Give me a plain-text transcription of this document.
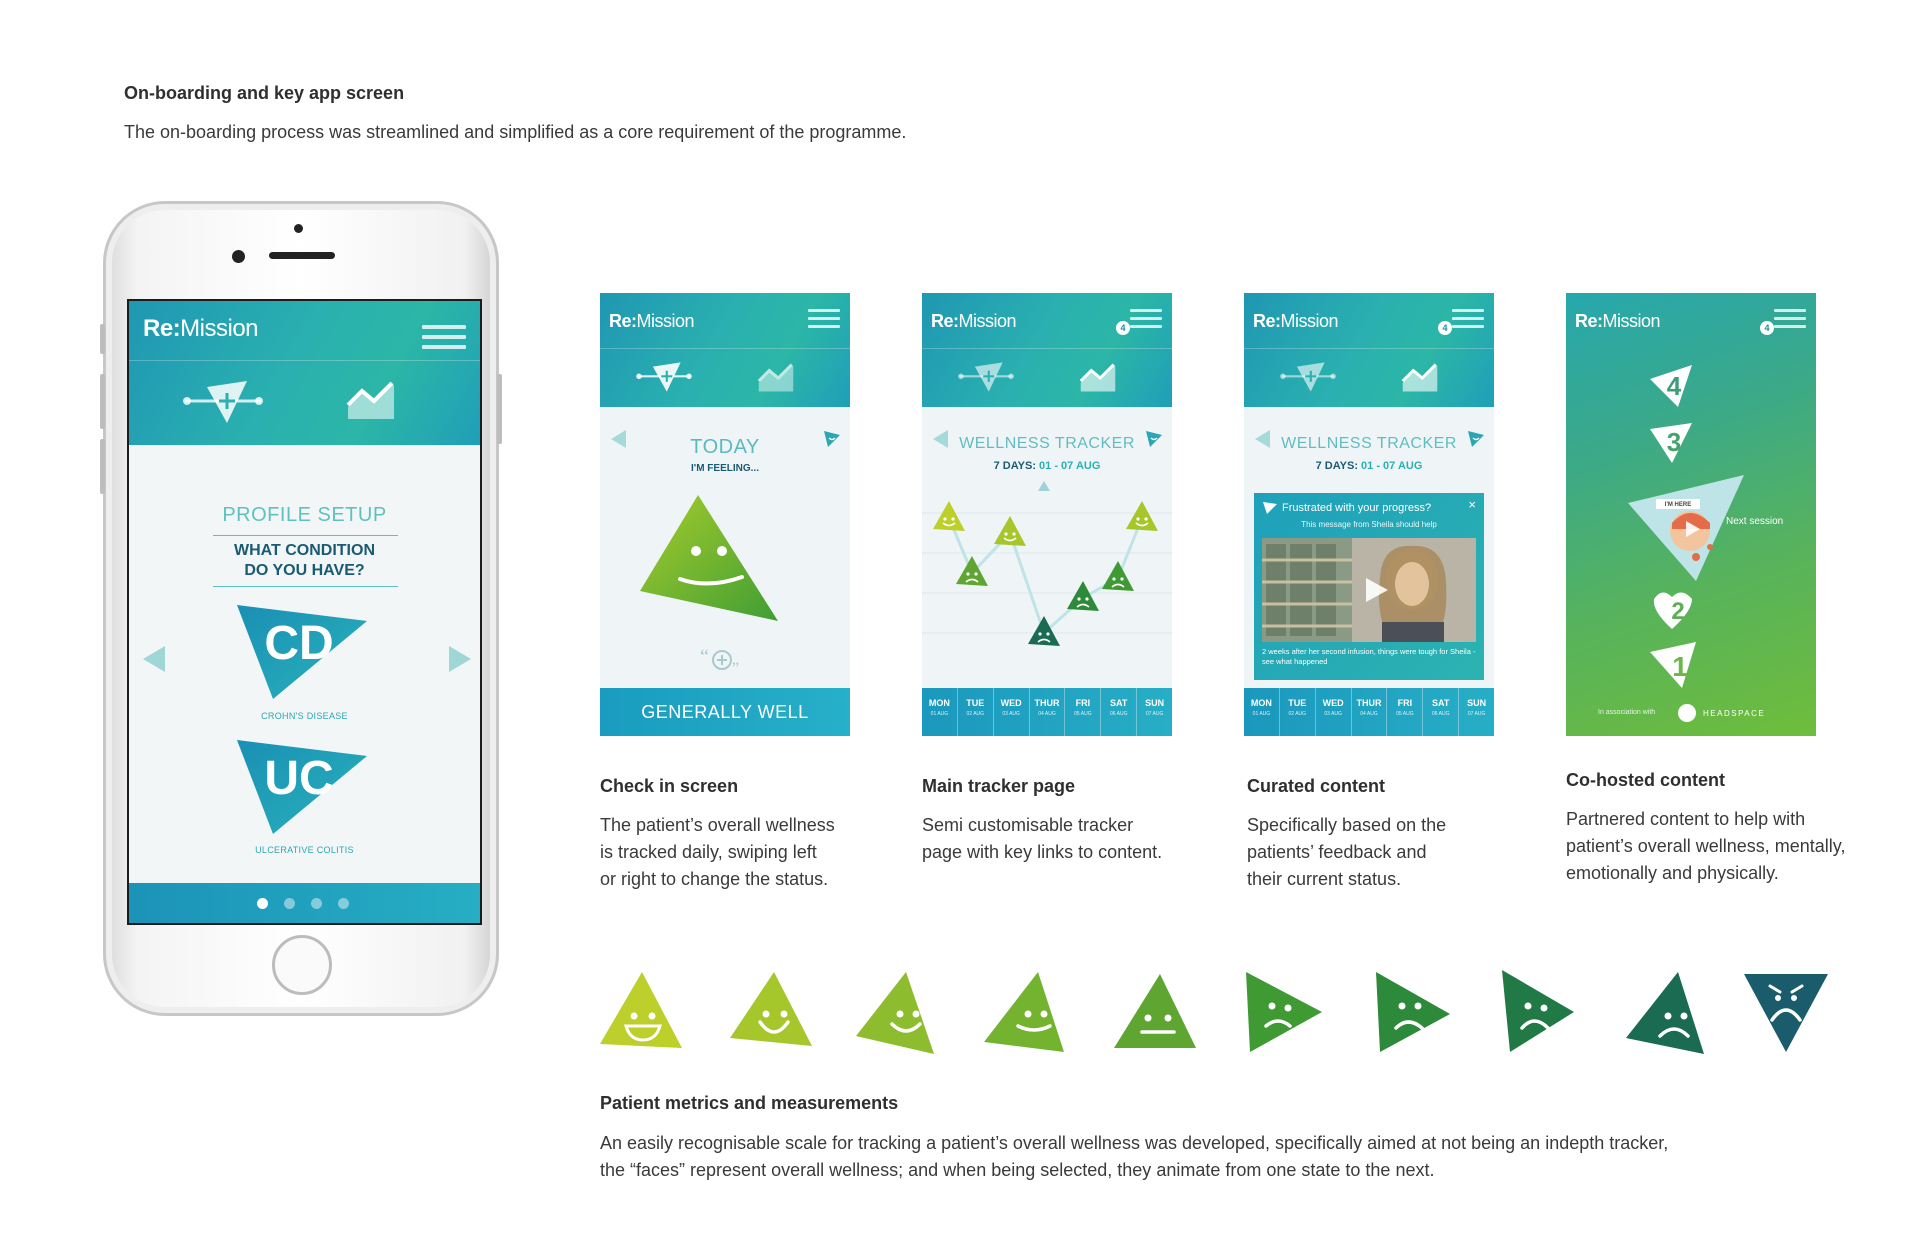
On-boarding and key app screen
The on-boarding process was streamlined and simplified as a core requirement of the programme.
Re:Mission
PROFILE SETUP
WHAT CONDITION
DO YOU HAVE?
CD
CROHN'S DISEASE
UC
ULCERATIVE COLITIS
Re:Mission
TODAY
I'M FEELING...
“
”
GENERALLY WELL
Re:Mission	4
WELLNESS TRACKER
7 DAYS: 01 - 07 AUG
MON
01 AUG
TUE
02 AUG
WED
03 AUG
THUR
04 AUG
FRI
05 AUG
SAT
06 AUG
SUN
07 AUG
Re:Mission	4
WELLNESS TRACKER
7 DAYS: 01 - 07 AUG
Frustrated with your progress?	×
This message from Sheila should help
2 weeks after her second infusion, things were tough for Sheila - see what happened
MON
01 AUG
TUE
02 AUG
WED
03 AUG
THUR
04 AUG
FRI
05 AUG
SAT
06 AUG
SUN
07 AUG
Re:Mission	4
4
3
I'M HERE
Next session
2
1
In association with	HEADSPACE
Check in screen
The patient’s overall wellness
is tracked daily, swiping left
or right to change the status.
Main tracker page
Semi customisable tracker
page with key links to content.
Curated content
Specifically based on the
patients’ feedback and
their current status.
Co-hosted content
Partnered content to help with
patient’s overall wellness, mentally,
emotionally and physically.
Patient metrics and measurements
An easily recognisable scale for tracking a patient’s overall wellness was developed, specifically aimed at not being an indepth tracker,
the “faces” represent overall wellness; and when being selected, they animate from one state to the next.
